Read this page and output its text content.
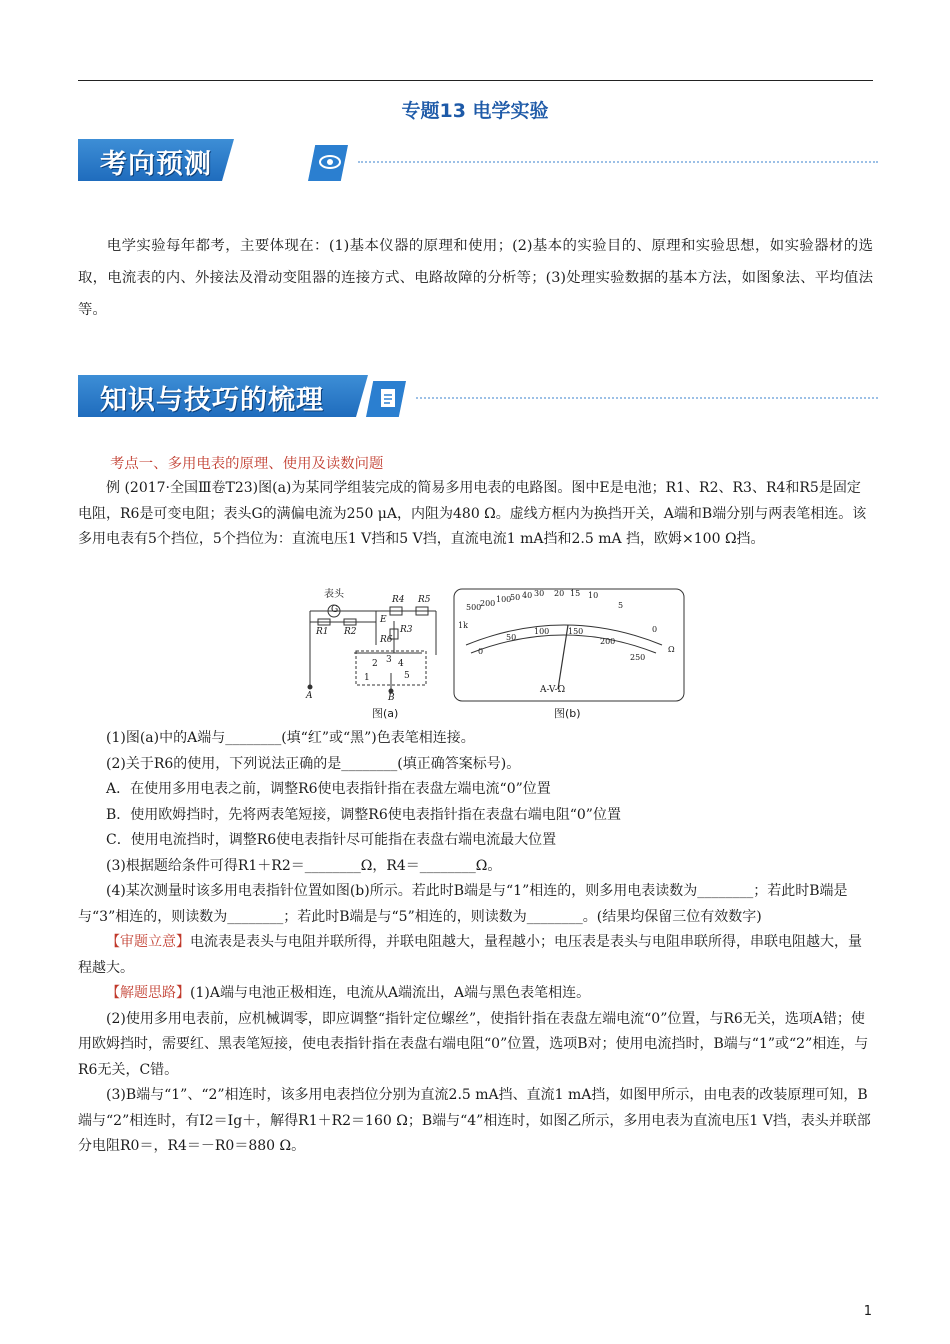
专题13 电学实验
考向预测

电学实验每年都考，主要体现在：(1)基本仪器的原理和使用；(2)基本的实验目的、原理和实验思想，如实验器材的选取，电流表的内、外接法及滑动变阻器的连接方式、电路故障的分析等；(3)处理实验数据的基本方法，如图象法、平均值法等。

知识与技巧的梳理
考点一、多用电表的原理、使用及读数问题

例 (2017·全国Ⅲ卷T23)图(a)为某同学组装完成的简易多用电表的电路图。图中E是电池；R1、R2、R3、R4和R5是固定电阻，R6是可变电阻；表头G的满偏电流为250 μA，内阻为480 Ω。虚线方框内为换挡开关，A端和B端分别与两表笔相连。该多用电表有5个挡位，5个挡位为：直流电压1 V挡和5 V挡，直流电流1 mA挡和2.5 mA 挡，欧姆×100 Ω挡。

表头
G
R1 R2
R4 R5
E
R3
R6
1
2 3 4
5
A	B
1k
500
200 100
50 40 30 20 15 10
5
0
0
50
100 150
200
250
Ω
A-V-Ω
图(a)	图(b)

(1)图(a)中的A端与________(填“红”或“黑”)色表笔相连接。

(2)关于R6的使用，下列说法正确的是________(填正确答案标号)。

A．在使用多用电表之前，调整R6使电表指针指在表盘左端电流“0”位置

B．使用欧姆挡时，先将两表笔短接，调整R6使电表指针指在表盘右端电阻“0”位置

C．使用电流挡时，调整R6使电表指针尽可能指在表盘右端电流最大位置

(3)根据题给条件可得R1＋R2＝________Ω，R4＝________Ω。

(4)某次测量时该多用电表指针位置如图(b)所示。若此时B端是与“1”相连的，则多用电表读数为________；若此时B端是与“3”相连的，则读数为________；若此时B端是与“5”相连的，则读数为________。(结果均保留三位有效数字)

【审题立意】电流表是表头与电阻并联所得，并联电阻越大，量程越小；电压表是表头与电阻串联所得，串联电阻越大，量程越大。

【解题思路】(1)A端与电池正极相连，电流从A端流出，A端与黑色表笔相连。

(2)使用多用电表前，应机械调零，即应调整“指针定位螺丝”，使指针指在表盘左端电流“0”位置，与R6无关，选项A错；使用欧姆挡时，需要红、黑表笔短接，使电表指针指在表盘右端电阻“0”位置，选项B对；使用电流挡时，B端与“1”或“2”相连，与R6无关，C错。

(3)B端与“1”、“2”相连时，该多用电表挡位分别为直流2.5 mA挡、直流1 mA挡，如图甲所示，由电表的改装原理可知，B端与“2”相连时，有I2＝Ig＋，解得R1＋R2＝160 Ω；B端与“4”相连时，如图乙所示，多用电表为直流电压1 V挡，表头并联部分电阻R0＝，R4＝－R0＝880 Ω。

1
